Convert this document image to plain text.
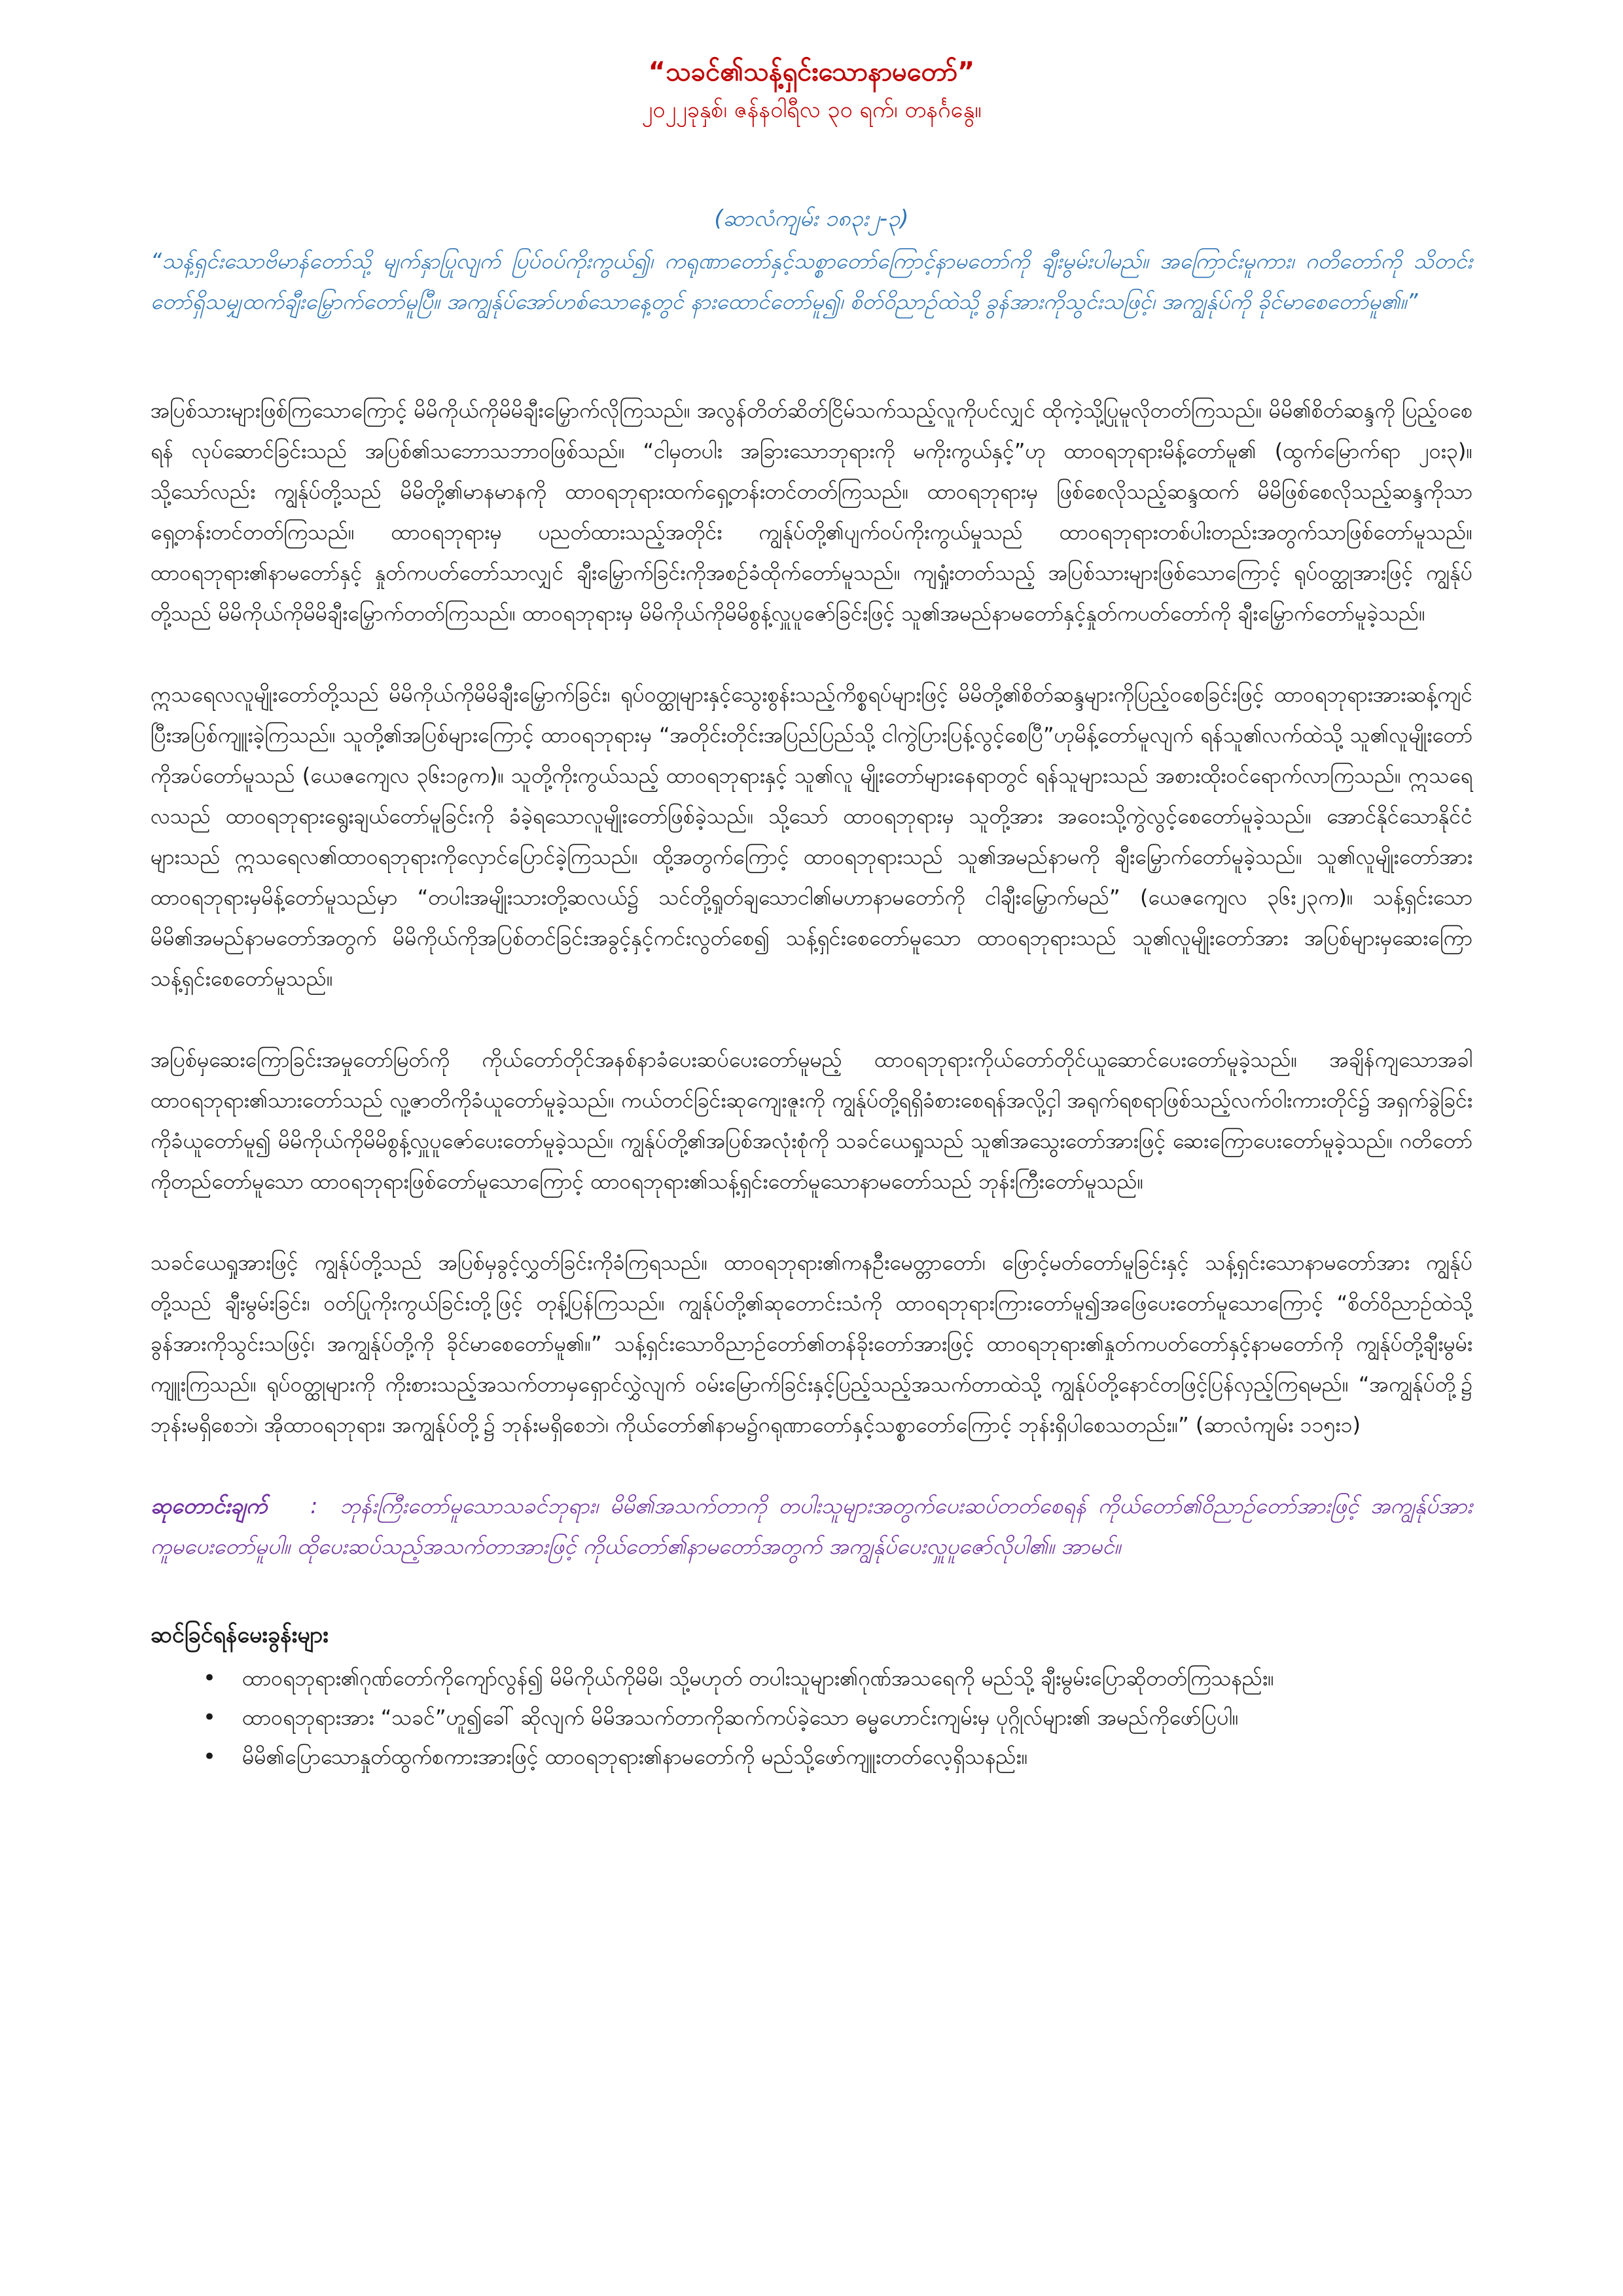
“သခင်၏သန့်ရှင်းသောနာမတော်”

၂၀၂၂ခုနှစ်၊ ဇန်နဝါရီလ ၃၀ ရက်၊ တနင်္ဂနွေ။

(ဆာလံကျမ်း ၁၈၃း၂-၃)

“သန့်ရှင်းသောဗိမာန်တော်သို့ မျက်နှာပြုလျက် ပြပ်ဝပ်ကိုးကွယ်၍၊ ကရုဏာတော်နှင့်သစ္စာတော်ကြောင့်နာမတော်ကို ချီးမွမ်းပါမည်။ အကြောင်းမူကား၊ ဂတိတော်ကို သိတင်းတော်ရှိသမျှထက်ချီးမြှောက်တော်မူပြီ။ အကျွန်ုပ်အော်ဟစ်သောနေ့တွင် နားထောင်တော်မူ၍၊ စိတ်ဝိညာဉ်ထဲသို့ ခွန်အားကိုသွင်းသဖြင့်၊ အကျွန်ုပ်ကို ခိုင်မာစေတော်မူ၏။”

အပြစ်သားများဖြစ်ကြသောကြောင့် မိမိကိုယ်ကိုမိမိချီးမြှောက်လိုကြသည်။ အလွန်တိတ်ဆိတ်ငြိမ်သက်သည့်လူကိုပင်လျှင် ထိုကဲ့သို့ပြုမူလိုတတ်ကြသည်။ မိမိ၏စိတ်ဆန္ဒကို ပြည့်ဝစေရန် လုပ်ဆောင်ခြင်းသည် အပြစ်၏သဘောသဘာဝဖြစ်သည်။ “ငါမှတပါး အခြားသောဘုရားကို မကိုးကွယ်နှင့်”ဟု ထာဝရဘုရားမိန့်တော်မူ၏ (ထွက်မြောက်ရာ ၂၀း၃)။ သို့သော်လည်း ကျွန်ုပ်တို့သည် မိမိတို့၏မာနမာနကို ထာဝရဘုရားထက်ရှေ့တန်းတင်တတ်ကြသည်။ ထာဝရဘုရားမှ ဖြစ်စေလိုသည့်ဆန္ဒထက် မိမိဖြစ်စေလိုသည့်ဆန္ဒကိုသာရှေ့တန်းတင်တတ်ကြသည်။ ထာဝရဘုရားမှ ပညတ်ထားသည့်အတိုင်း ကျွန်ုပ်တို့၏ပျက်ဝပ်ကိုးကွယ်မှုသည် ထာဝရဘုရားတစ်ပါးတည်းအတွက်သာဖြစ်တော်မူသည်။ ထာဝရဘုရား၏နာမတော်နှင့် နှုတ်ကပတ်တော်သာလျှင် ချီးမြှောက်ခြင်းကိုအစဉ်ခံထိုက်တော်မူသည်။ ကျရှုံးတတ်သည့် အပြစ်သားများဖြစ်သောကြောင့် ရုပ်ဝတ္ထုအားဖြင့် ကျွန်ုပ်တို့သည် မိမိကိုယ်ကိုမိမိချီးမြှောက်တတ်ကြသည်။ ထာဝရဘုရားမှ မိမိကိုယ်ကိုမိမိစွန့်လှူပူဇော်ခြင်းဖြင့် သူ၏အမည်နာမတော်နှင့်နှုတ်ကပတ်တော်ကို ချီးမြှောက်တော်မူခဲ့သည်။

ဣသရေလလူမျိုးတော်တို့သည် မိမိကိုယ်ကိုမိမိချီးမြှောက်ခြင်း၊ ရုပ်ဝတ္ထုများနှင့်သွေးစွန်းသည့်ကိစ္စရပ်များဖြင့် မိမိတို့၏စိတ်ဆန္ဒများကိုပြည့်ဝစေခြင်းဖြင့် ထာဝရဘုရားအားဆန့်ကျင်ပြီးအပြစ်ကျူးခဲ့ကြသည်။ သူတို့၏အပြစ်များကြောင့် ထာဝရဘုရားမှ “အတိုင်းတိုင်းအပြည်ပြည်သို့ ငါကွဲပြားပြန့်လွင့်စေပြီ”ဟုမိန့်တော်မူလျက် ရန်သူ၏လက်ထဲသို့ သူ၏လူမျိုးတော်ကိုအပ်တော်မူသည် (ယေဇကျေလ ၃၆း၁၉က)။ သူတို့ကိုးကွယ်သည့် ထာဝရဘုရားနှင့် သူ၏လူ မျိုးတော်များနေရာတွင် ရန်သူများသည် အစားထိုးဝင်ရောက်လာကြသည်။ ဣသရေလသည် ထာဝရဘုရားရွေးချယ်တော်မူခြင်းကို ခံခဲ့ရသောလူမျိုးတော်ဖြစ်ခဲ့သည်။ သို့သော် ထာဝရဘုရားမှ သူတို့အား အဝေးသို့ကွဲလွင့်စေတော်မူခဲ့သည်။ အောင်နိုင်သောနိုင်ငံများသည် ဣသရေလ၏ထာဝရဘုရားကိုလှောင်ပြောင်ခဲ့ကြသည်။ ထို့အတွက်ကြောင့် ထာဝရဘုရားသည် သူ၏အမည်နာမကို ချီးမြှောက်တော်မူခဲ့သည်။ သူ၏လူမျိုးတော်အား ထာဝရဘုရားမှမိန့်တော်မူသည်မှာ “တပါးအမျိုးသားတို့ဆလယ်၌ သင်တို့ရှုတ်ချသောငါ၏မဟာနာမတော်ကို ငါချီးမြှောက်မည်” (ယေဇကျေလ ၃၆း၂၃က)။ သန့်ရှင်းသောမိမိ၏အမည်နာမတော်အတွက် မိမိကိုယ်ကိုအပြစ်တင်ခြင်းအခွင့်နှင့်ကင်းလွတ်စေ၍ သန့်ရှင်းစေတော်မူသော ထာဝရဘုရားသည် သူ၏လူမျိုးတော်အား အပြစ်များမှဆေးကြောသန့်ရှင်းစေတော်မူသည်။

အပြစ်မှဆေးကြောခြင်းအမှုတော်မြတ်ကို ကိုယ်တော်တိုင်အနစ်နာခံပေးဆပ်ပေးတော်မူမည့် ထာဝရဘုရားကိုယ်တော်တိုင်ယူဆောင်ပေးတော်မူခဲ့သည်။ အချိန်ကျသောအခါ ထာဝရဘုရား၏သားတော်သည် လူ့ဇာတိကိုခံယူတော်မူခဲ့သည်။ ကယ်တင်ခြင်းဆုကျေးဇူးကို ကျွန်ုပ်တို့ရရှိခံစားစေရန်အလို့ငှါ အရုက်ရစရာဖြစ်သည့်လက်ဝါးကားတိုင်၌ အရှက်ခွဲခြင်းကိုခံယူတော်မူ၍ မိမိကိုယ်ကိုမိမိစွန့်လှူပူဇော်ပေးတော်မူခဲ့သည်။ ကျွန်ုပ်တို့၏အပြစ်အလုံးစုံကို သခင်ယေရှုသည် သူ၏အသွေးတော်အားဖြင့် ဆေးကြောပေးတော်မူခဲ့သည်။ ဂတိတော်ကိုတည်တော်မူသော ထာဝရဘုရားဖြစ်တော်မူသောကြောင့် ထာဝရဘုရား၏သန့်ရှင်းတော်မူသောနာမတော်သည် ဘုန်းကြီးတော်မူသည်။

သခင်ယေရှုအားဖြင့် ကျွန်ုပ်တို့သည် အပြစ်မှခွင့်လွှတ်ခြင်းကိုခံကြရသည်။ ထာဝရဘုရား၏ကနဦးမေတ္တာတော်၊ ဖြောင့်မတ်တော်မူခြင်းနှင့် သန့်ရှင်းသောနာမတော်အား ကျွန်ုပ်တို့သည် ချီးမွမ်းခြင်း၊ ဝတ်ပြုကိုးကွယ်ခြင်းတို့ဖြင့် တုန့်ပြန်ကြသည်။ ကျွန်ုပ်တို့၏ဆုတောင်းသံကို ထာဝရဘုရားကြားတော်မူ၍အဖြေပေးတော်မူသောကြောင့် “စိတ်ဝိညာဉ်ထဲသို့ ခွန်အားကိုသွင်းသဖြင့်၊ အကျွန်ုပ်တို့ကို ခိုင်မာစေတော်မူ၏။” သန့်ရှင်းသောဝိညာဉ်တော်၏တန်ခိုးတော်အားဖြင့် ထာဝရဘုရား၏နှုတ်ကပတ်တော်နှင့်နာမတော်ကို ကျွန်ုပ်တို့ချီးမွမ်းကျူးကြသည်။ ရုပ်ဝတ္ထုများကို ကိုးစားသည့်အသက်တာမှရှောင်လွှဲလျက် ဝမ်းမြောက်ခြင်းနှင့်ပြည့်သည့်အသက်တာထဲသို့ ကျွန်ုပ်တို့နောင်တဖြင့်ပြန်လှည့်ကြရမည်။ “အကျွန်ုပ်တို့၌ ဘုန်းမရှိစေဘဲ၊ အိုထာဝရဘုရား၊ အကျွန်ုပ်တို့၌ ဘုန်းမရှိစေဘဲ၊ ကိုယ်တော်၏နာမ၌ဂရုဏာတော်နှင့်သစ္စာတော်ကြောင့် ဘုန်းရှိပါစေသတည်း။” (ဆာလံကျမ်း ၁၁၅း၁)

ဆုတောင်းချက် : ဘုန်းကြီးတော်မူသောသခင်ဘုရား၊ မိမိ၏အသက်တာကို တပါးသူများအတွက်ပေးဆပ်တတ်စေရန် ကိုယ်တော်၏ဝိညာဉ်တော်အားဖြင့် အကျွန်ုပ်အားကူမပေးတော်မူပါ။ ထိုပေးဆပ်သည့်အသက်တာအားဖြင့် ကိုယ်တော်၏နာမတော်အတွက် အကျွန်ုပ်ပေးလှူပူဇော်လိုပါ၏။ အာမင်။

ဆင်ခြင်ရန်မေးခွန်းများ

•	ထာဝရဘုရား၏ဂုဏ်တော်ကိုကျော်လွန်၍ မိမိကိုယ်ကိုမိမိ၊ သို့မဟုတ် တပါးသူများ၏ဂုဏ်အသရေကို မည်သို့ ချီးမွမ်းပြောဆိုတတ်ကြသနည်း။
•	ထာဝရဘုရားအား “သခင်”ဟူ၍ခေါ် ဆိုလျက် မိမိအသက်တာကိုဆက်ကပ်ခဲ့သော ဓမ္မဟောင်းကျမ်းမှ ပုဂ္ဂိုလ်များ၏ အမည်ကိုဖော်ပြပါ။
•	မိမိ၏ပြောသောနှုတ်ထွက်စကားအားဖြင့် ထာဝရဘုရား၏နာမတော်ကို မည်သို့ဖော်ကျူးတတ်လေ့ရှိသနည်း။
